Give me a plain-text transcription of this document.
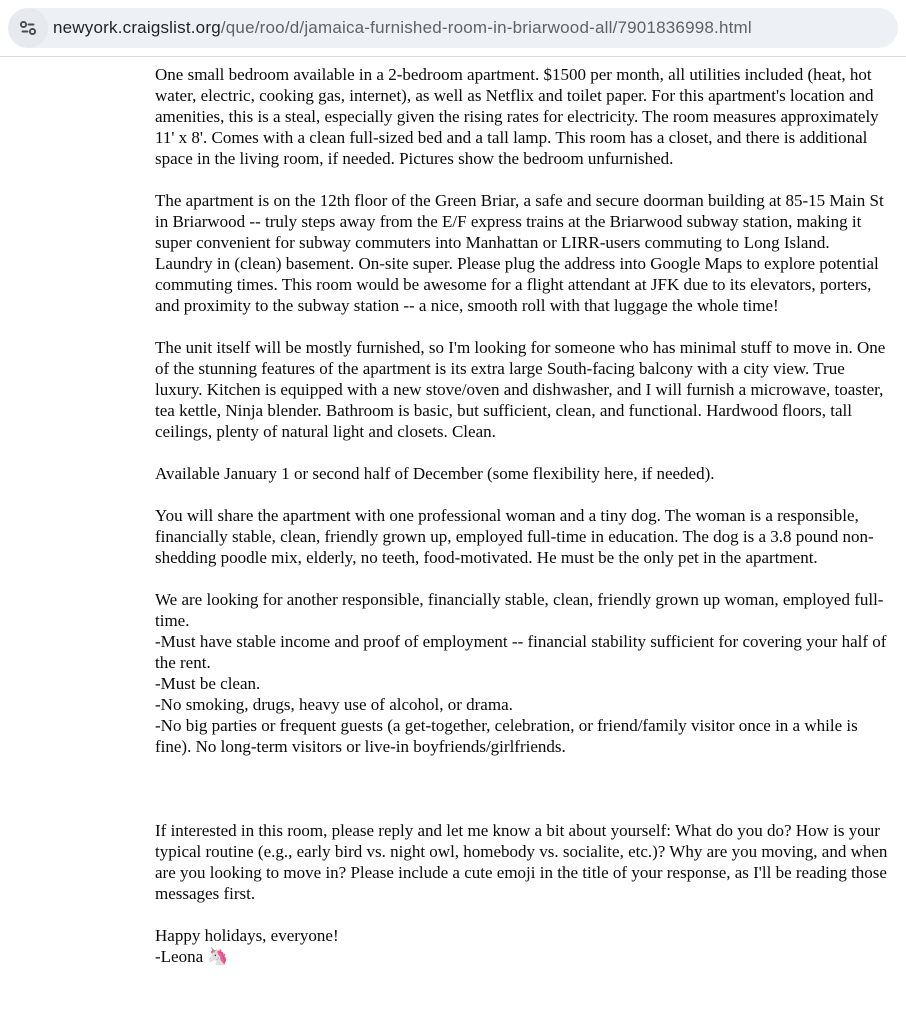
newyork.craigslist.org/que/roo/d/jamaica-furnished-room-in-briarwood-all/7901836998.html
One small bedroom available in a 2-bedroom apartment. $1500 per month, all utilities included (heat, hot water, electric, cooking gas, internet), as well as Netflix and toilet paper. For this apartment's location and amenities, this is a steal, especially given the rising rates for electricity. The room measures approximately 11' x 8'. Comes with a clean full-sized bed and a tall lamp. This room has a closet, and there is additional space in the living room, if needed. Pictures show the bedroom unfurnished.

The apartment is on the 12th floor of the Green Briar, a safe and secure doorman building at 85-15 Main St in Briarwood -- truly steps away from the E/F express trains at the Briarwood subway station, making it super convenient for subway commuters into Manhattan or LIRR-users commuting to Long Island. Laundry in (clean) basement. On-site super. Please plug the address into Google Maps to explore potential commuting times. This room would be awesome for a flight attendant at JFK due to its elevators, porters, and proximity to the subway station -- a nice, smooth roll with that luggage the whole time!

The unit itself will be mostly furnished, so I'm looking for someone who has minimal stuff to move in. One of the stunning features of the apartment is its extra large South-facing balcony with a city view. True luxury. Kitchen is equipped with a new stove/oven and dishwasher, and I will furnish a microwave, toaster, tea kettle, Ninja blender. Bathroom is basic, but sufficient, clean, and functional. Hardwood floors, tall ceilings, plenty of natural light and closets. Clean.

Available January 1 or second half of December (some flexibility here, if needed).

You will share the apartment with one professional woman and a tiny dog. The woman is a responsible, financially stable, clean, friendly grown up, employed full-time in education. The dog is a 3.8 pound non-shedding poodle mix, elderly, no teeth, food-motivated. He must be the only pet in the apartment.

We are looking for another responsible, financially stable, clean, friendly grown up woman, employed full-time.
-Must have stable income and proof of employment -- financial stability sufficient for covering your half of the rent.
-Must be clean.
-No smoking, drugs, heavy use of alcohol, or drama.
-No big parties or frequent guests (a get-together, celebration, or friend/family visitor once in a while is fine). No long-term visitors or live-in boyfriends/girlfriends.

If interested in this room, please reply and let me know a bit about yourself: What do you do? How is your typical routine (e.g., early bird vs. night owl, homebody vs. socialite, etc.)? Why are you moving, and when are you looking to move in? Please include a cute emoji in the title of your response, as I'll be reading those messages first.

Happy holidays, everyone!
-Leona 🦄
